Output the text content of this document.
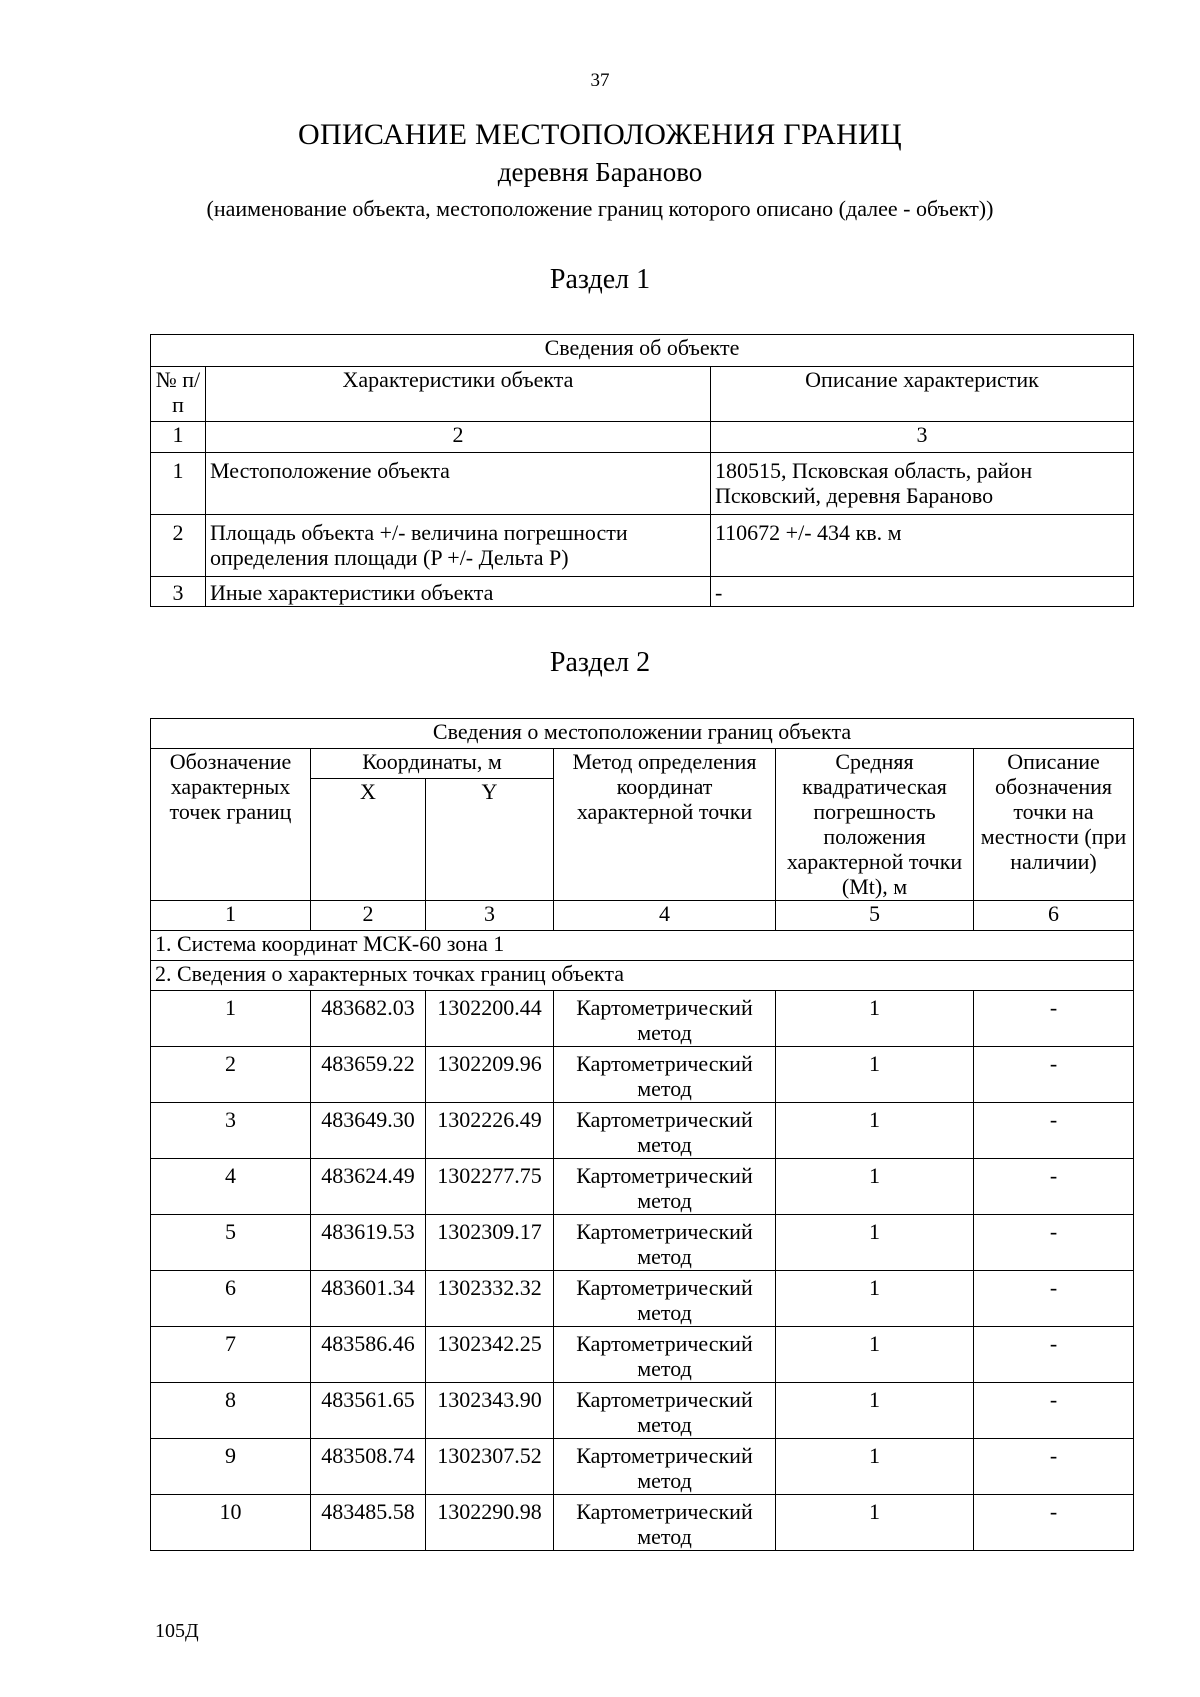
37
ОПИСАНИЕ МЕСТОПОЛОЖЕНИЯ ГРАНИЦ
деревня Бараново
(наименование объекта, местоположение границ которого описано (далее - объект))
Раздел 1
Сведения об объекте		
№ п/п	Характеристики объекта	Описание характеристик
1	2	3
1	Местоположение объекта	180515, Псковская область, район Псковский, деревня Бараново
2	Площадь объекта +/- величина погрешности определения площади (P +/- Дельта P)	110672 +/- 434 кв. м
3	Иные характеристики объекта	-
Раздел 2
Сведения о местоположении границ объекта					
Обозначение характерных точек границ	Координаты, м		Метод определения координат характерной точки	Средняя квадратическая погрешность положения характерной точки (Mt), м	Описание обозначения точки на местности (при наличии)
	X	Y			
1	2	3	4	5	6
1. Система координат МСК-60 зона 1					
2. Сведения о характерных точках границ объекта					
1	483682.03	1302200.44	Картометрический метод	1	-
2	483659.22	1302209.96	Картометрический метод	1	-
3	483649.30	1302226.49	Картометрический метод	1	-
4	483624.49	1302277.75	Картометрический метод	1	-
5	483619.53	1302309.17	Картометрический метод	1	-
6	483601.34	1302332.32	Картометрический метод	1	-
7	483586.46	1302342.25	Картометрический метод	1	-
8	483561.65	1302343.90	Картометрический метод	1	-
9	483508.74	1302307.52	Картометрический метод	1	-
10	483485.58	1302290.98	Картометрический метод	1	-
105Д
